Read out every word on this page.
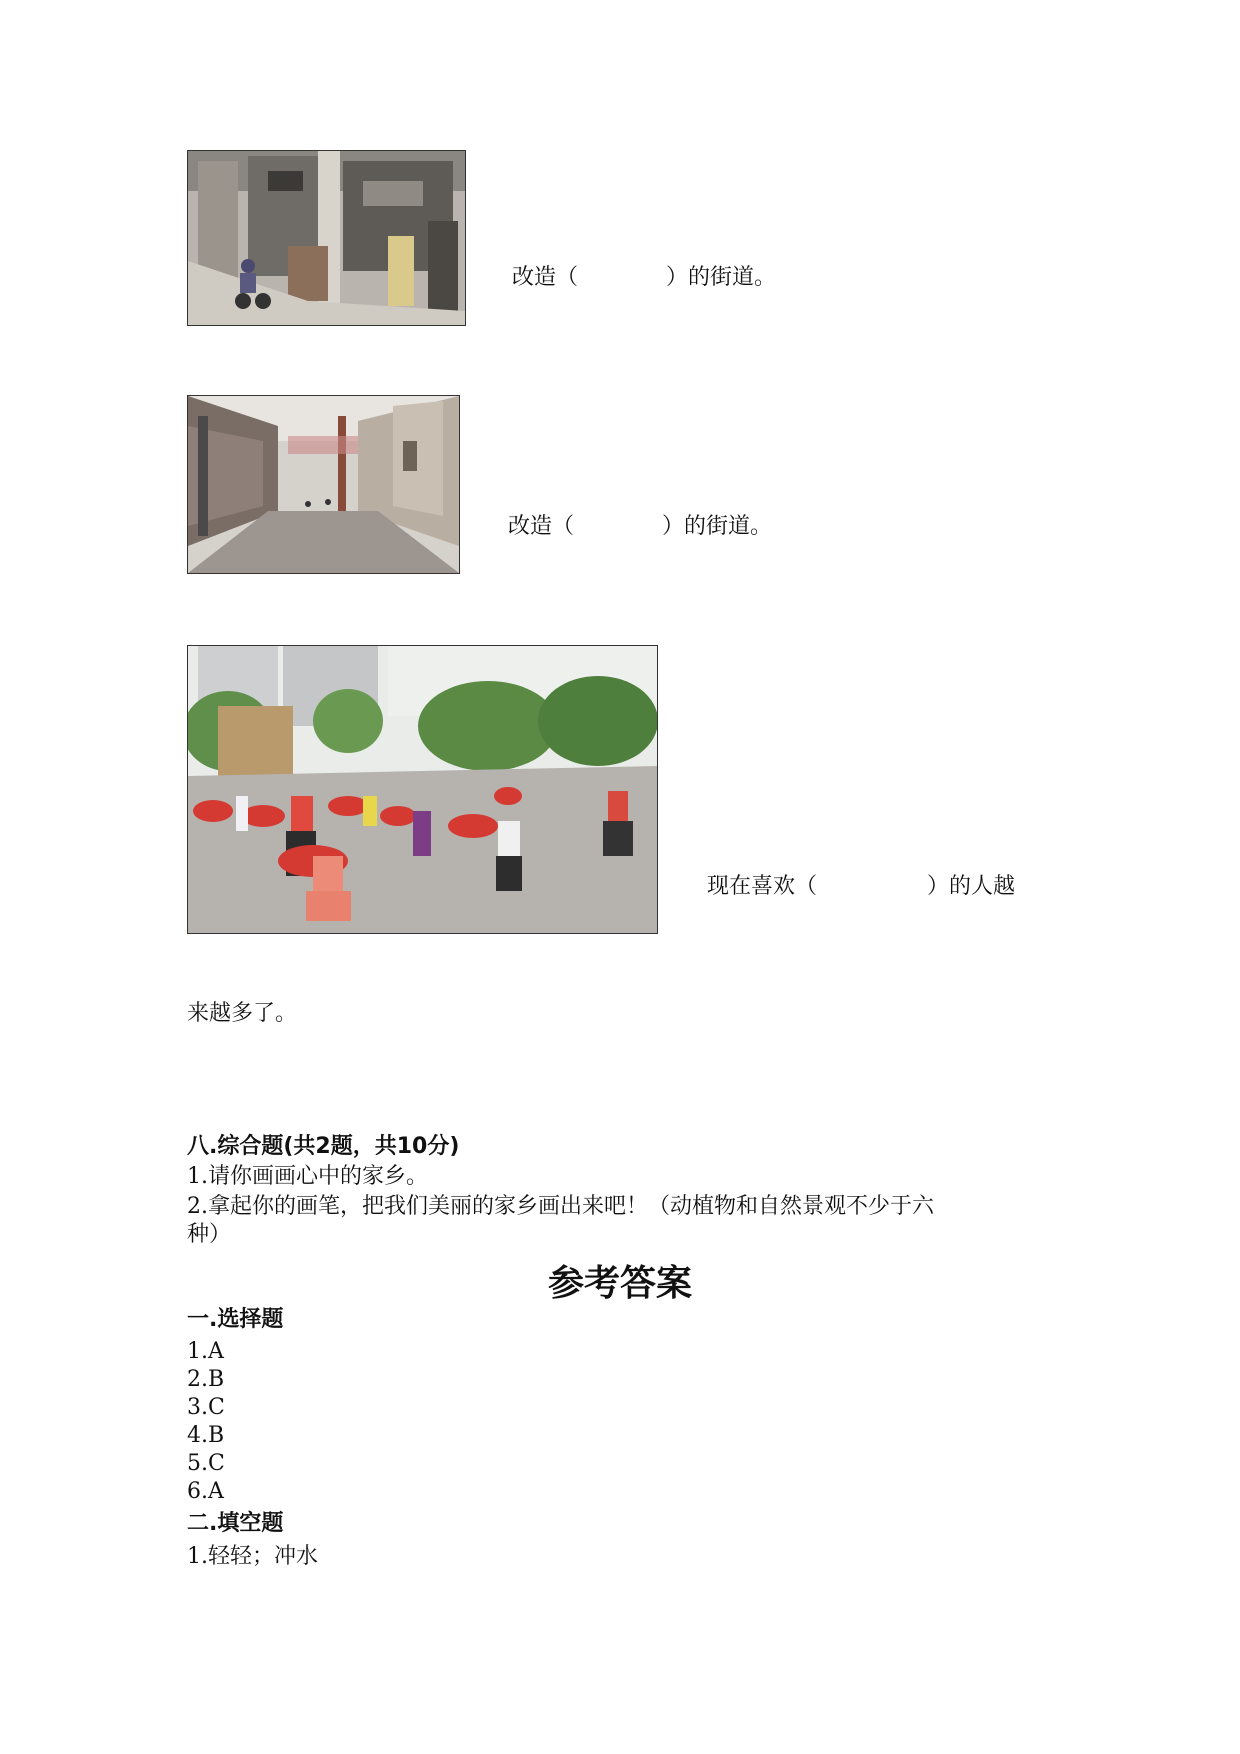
改造（	）的街道。
改造（	）的街道。
现在喜欢（	）的人越
来越多了。
八.综合题(共2题，共10分)
1.请你画画心中的家乡。
2.拿起你的画笔，把我们美丽的家乡画出来吧！（动植物和自然景观不少于六
种）
参考答案
一.选择题
1.A
2.B
3.C
4.B
5.C
6.A
二.填空题
1.轻轻；冲水
